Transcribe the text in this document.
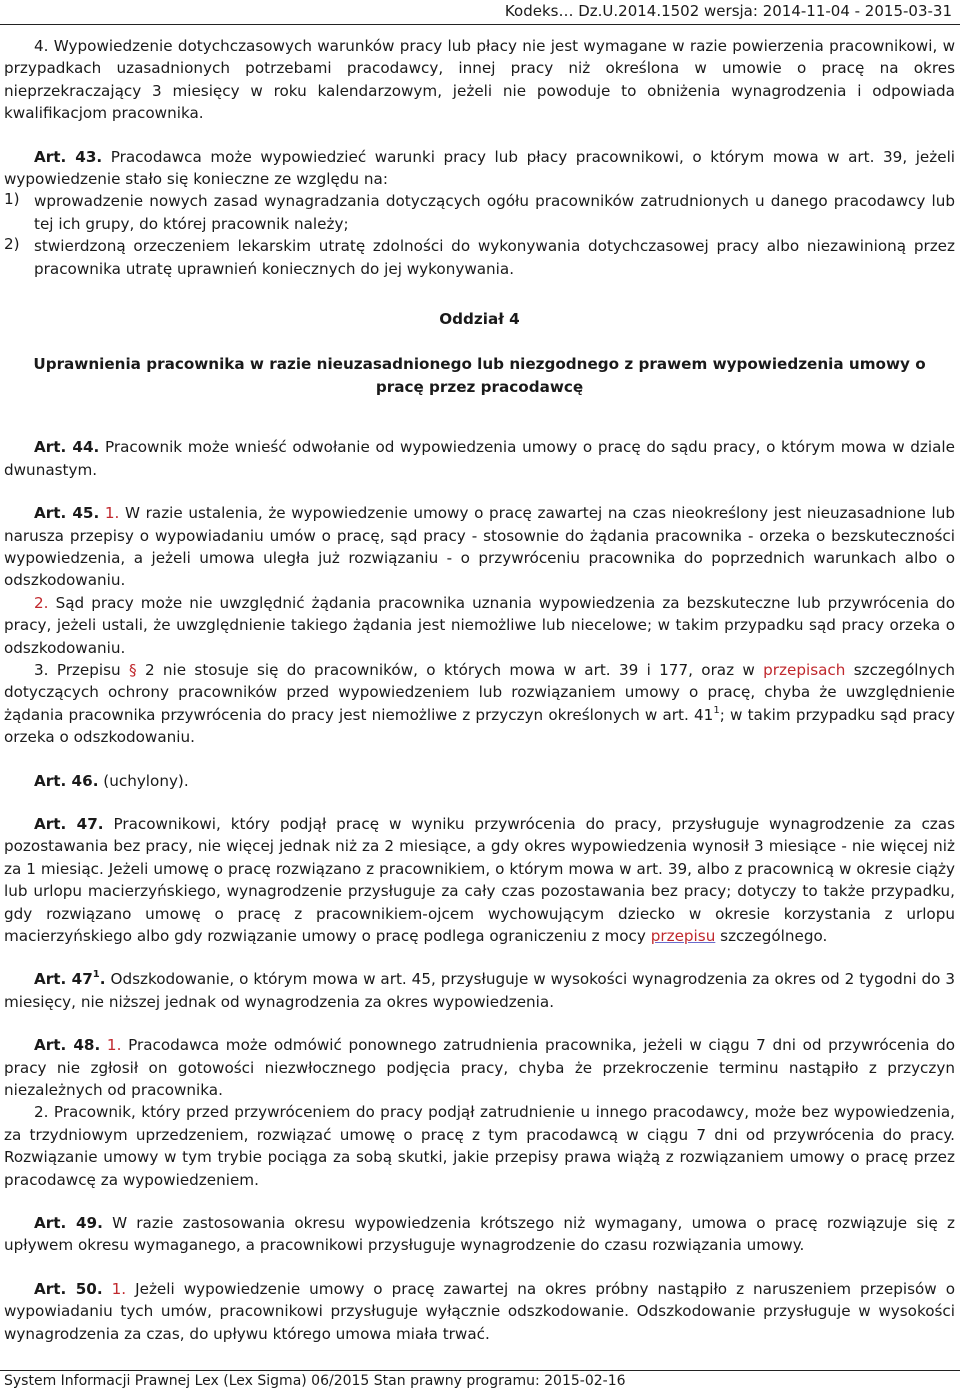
Kodeks… Dz.U.2014.1502 wersja: 2014-11-04 - 2015-03-31

4. Wypowiedzenie dotychczasowych warunków pracy lub płacy nie jest wymagane w razie powierzenia pracownikowi, w przypadkach uzasadnionych potrzebami pracodawcy, innej pracy niż określona w umowie o pracę na okres nieprzekraczający 3 miesięcy w roku kalendarzowym, jeżeli nie powoduje to obniżenia wynagrodzenia i odpowiada kwalifikacjom pracownika.

Art. 43. Pracodawca może wypowiedzieć warunki pracy lub płacy pracownikowi, o którym mowa w art. 39, jeżeli wypowiedzenie stało się konieczne ze względu na:

1) wprowadzenie nowych zasad wynagradzania dotyczących ogółu pracowników zatrudnionych u danego pracodawcy lub tej ich grupy, do której pracownik należy;
2) stwierdzoną orzeczeniem lekarskim utratę zdolności do wykonywania dotychczasowej pracy albo niezawinioną przez pracownika utratę uprawnień koniecznych do jej wykonywania.
Oddział 4
Uprawnienia pracownika w razie nieuzasadnionego lub niezgodnego z prawem wypowiedzenia umowy o pracę przez pracodawcę

Art. 44. Pracownik może wnieść odwołanie od wypowiedzenia umowy o pracę do sądu pracy, o którym mowa w dziale dwunastym.

Art. 45. 1. W razie ustalenia, że wypowiedzenie umowy o pracę zawartej na czas nieokreślony jest nieuzasadnione lub narusza przepisy o wypowiadaniu umów o pracę, sąd pracy - stosownie do żądania pracownika - orzeka o bezskuteczności wypowiedzenia, a jeżeli umowa uległa już rozwiązaniu - o przywróceniu pracownika do poprzednich warunkach albo o odszkodowaniu.

2. Sąd pracy może nie uwzględnić żądania pracownika uznania wypowiedzenia za bezskuteczne lub przywrócenia do pracy, jeżeli ustali, że uwzględnienie takiego żądania jest niemożliwe lub niecelowe; w takim przypadku sąd pracy orzeka o odszkodowaniu.

3. Przepisu § 2 nie stosuje się do pracowników, o których mowa w art. 39 i 177, oraz w przepisach szczególnych dotyczących ochrony pracowników przed wypowiedzeniem lub rozwiązaniem umowy o pracę, chyba że uwzględnienie żądania pracownika przywrócenia do pracy jest niemożliwe z przyczyn określonych w art. $41^1$; w takim przypadku sąd pracy orzeka o odszkodowaniu.

Art. 46. (uchylony).

Art. 47. Pracownikowi, który podjął pracę w wyniku przywrócenia do pracy, przysługuje wynagrodzenie za czas pozostawania bez pracy, nie więcej jednak niż za 2 miesiące, a gdy okres wypowiedzenia wynosił 3 miesiące - nie więcej niż za 1 miesiąc. Jeżeli umowę o pracę rozwiązano z pracownikiem, o którym mowa w art. 39, albo z pracownicą w okresie ciąży lub urlopu macierzyńskiego, wynagrodzenie przysługuje za cały czas pozostawania bez pracy; dotyczy to także przypadku, gdy rozwiązano umowę o pracę z pracownikiem-ojcem wychowującym dziecko w okresie korzystania z urlopu macierzyńskiego albo gdy rozwiązanie umowy o pracę podlega ograniczeniu z mocy przepisu szczególnego.

Art. $47^1$. Odszkodowanie, o którym mowa w art. 45, przysługuje w wysokości wynagrodzenia za okres od 2 tygodni do 3 miesięcy, nie niższej jednak od wynagrodzenia za okres wypowiedzenia.

Art. 48. 1. Pracodawca może odmówić ponownego zatrudnienia pracownika, jeżeli w ciągu 7 dni od przywrócenia do pracy nie zgłosił on gotowości niezwłocznego podjęcia pracy, chyba że przekroczenie terminu nastąpiło z przyczyn niezależnych od pracownika.

2. Pracownik, który przed przywróceniem do pracy podjął zatrudnienie u innego pracodawcy, może bez wypowiedzenia, za trzydniowym uprzedzeniem, rozwiązać umowę o pracę z tym pracodawcą w ciągu 7 dni od przywrócenia do pracy. Rozwiązanie umowy w tym trybie pociąga za sobą skutki, jakie przepisy prawa wiążą z rozwiązaniem umowy o pracę przez pracodawcę za wypowiedzeniem.

Art. 49. W razie zastosowania okresu wypowiedzenia krótszego niż wymagany, umowa o pracę rozwiązuje się z upływem okresu wymaganego, a pracownikowi przysługuje wynagrodzenie do czasu rozwiązania umowy.

Art. 50. 1. Jeżeli wypowiedzenie umowy o pracę zawartej na okres próbny nastąpiło z naruszeniem przepisów o wypowiadaniu tych umów, pracownikowi przysługuje wyłącznie odszkodowanie. Odszkodowanie przysługuje w wysokości wynagrodzenia za czas, do upływu którego umowa miała trwać.

System Informacji Prawnej Lex (Lex Sigma) 06/2015 Stan prawny programu: 2015-02-16
